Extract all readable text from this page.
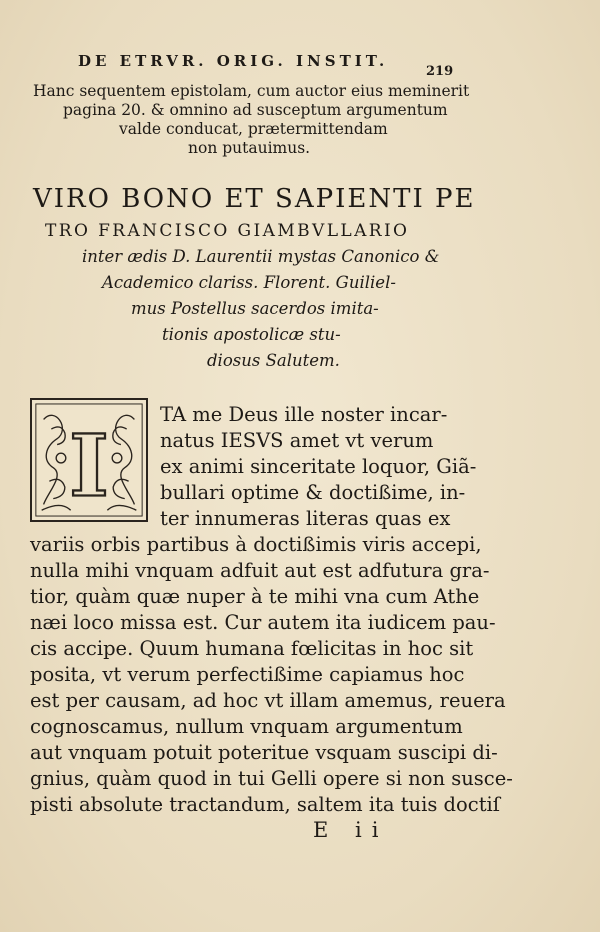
DE ETRVR. ORIG. INSTIT.
219
Hanc sequentem epistolam, cum auctor eius meminerit
pagina 20. & omnino ad susceptum argumentum
valde conducat, prætermittendam
non putauimus.
VIRO BONO ET SAPIENTI PE
TRO FRANCISCO GIAMBVLLARIO
inter ædis D. Laurentii mystas Canonico &
Academico clariss. Florent. Guiliel-
mus Postellus sacerdos imita-
tionis apostolicæ stu-
diosus Salutem.
I
TA me Deus ille noster incar-
natus IESVS amet vt verum
ex animi sinceritate loquor, Giã-
bullari optime & doctißime, in-
ter innumeras literas quas ex
variis orbis partibus à doctißimis viris accepi,
nulla mihi vnquam adfuit aut est adfutura gra-
tior, quàm quæ nuper à te mihi vna cum Athe
næi loco missa est. Cur autem ita iudicem pau-
cis accipe. Quum humana fœlicitas in hoc sit
posita, vt verum perfectißime capiamus hoc
est per causam, ad hoc vt illam amemus, reuera
cognoscamus, nullum vnquam argumentum
aut vnquam potuit poteritue vsquam suscipi di-
gnius, quàm quod in tui Gelli opere si non susce-
pisti absolute tractandum, saltem ita tuis doctiſ
E ii
